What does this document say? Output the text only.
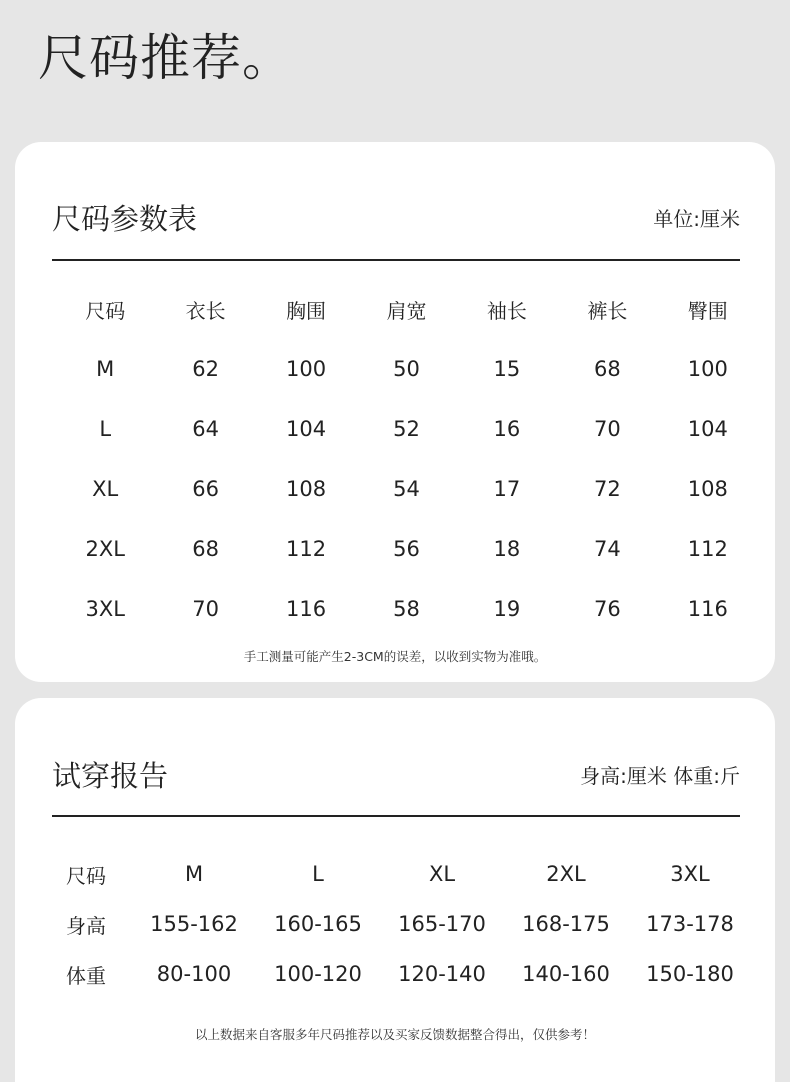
尺码推荐。
尺码参数表	单位:厘米
尺码	衣长	胸围	肩宽	袖长	裤长	臀围
M	62	100	50	15	68	100
L	64	104	52	16	70	104
XL	66	108	54	17	72	108
2XL	68	112	56	18	74	112
3XL	70	116	58	19	76	116
手工测量可能产生2-3CM的误差，以收到实物为准哦。
试穿报告	身高:厘米 体重:斤
尺码	M	L	XL	2XL	3XL
身高	155-162	160-165	165-170	168-175	173-178
体重	80-100	100-120	120-140	140-160	150-180
以上数据来自客服多年尺码推荐以及买家反馈数据整合得出，仅供参考！
